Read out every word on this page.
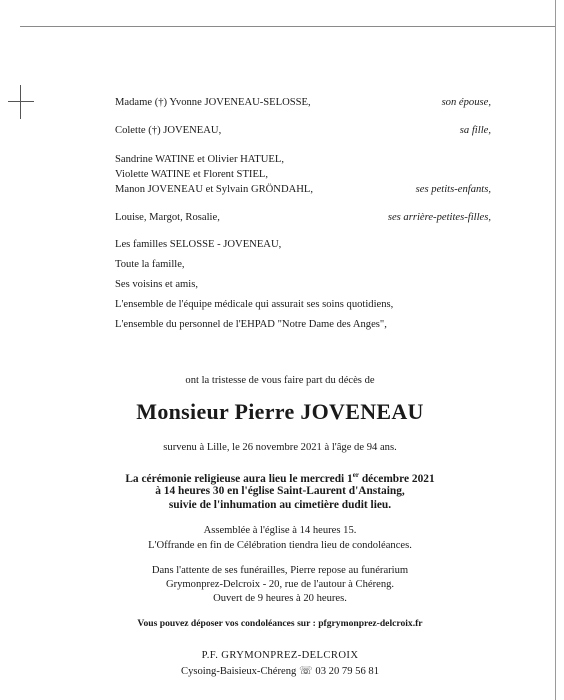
Madame (†) Yvonne JOVENEAU-SELOSSE,	son épouse,
Colette (†) JOVENEAU,	sa fille,
Sandrine WATINE et Olivier HATUEL,
Violette WATINE et Florent STIEL,
Manon JOVENEAU et Sylvain GRÖNDAHL,	ses petits-enfants,
Louise, Margot, Rosalie,	ses arrière-petites-filles,
Les familles SELOSSE - JOVENEAU,
Toute la famille,
Ses voisins et amis,
L'ensemble de l'équipe médicale qui assurait ses soins quotidiens,
L'ensemble du personnel de l'EHPAD "Notre Dame des Anges",
ont la tristesse de vous faire part du décès de
Monsieur Pierre JOVENEAU
survenu à Lille, le 26 novembre 2021 à l'âge de 94 ans.
La cérémonie religieuse aura lieu le mercredi 1er décembre 2021
à 14 heures 30 en l'église Saint-Laurent d'Anstaing,
suivie de l'inhumation au cimetière dudit lieu.
Assemblée à l'église à 14 heures 15.
L'Offrande en fin de Célébration tiendra lieu de condoléances.
Dans l'attente de ses funérailles, Pierre repose au funérarium
Grymonprez-Delcroix - 20, rue de l'autour à Chéreng.
Ouvert de 9 heures à 20 heures.
Vous pouvez déposer vos condoléances sur : pfgrymonprez-delcroix.fr
P.F. GRYMONPREZ-DELCROIX
Cysoing-Baisieux-Chéreng ☏ 03 20 79 56 81
